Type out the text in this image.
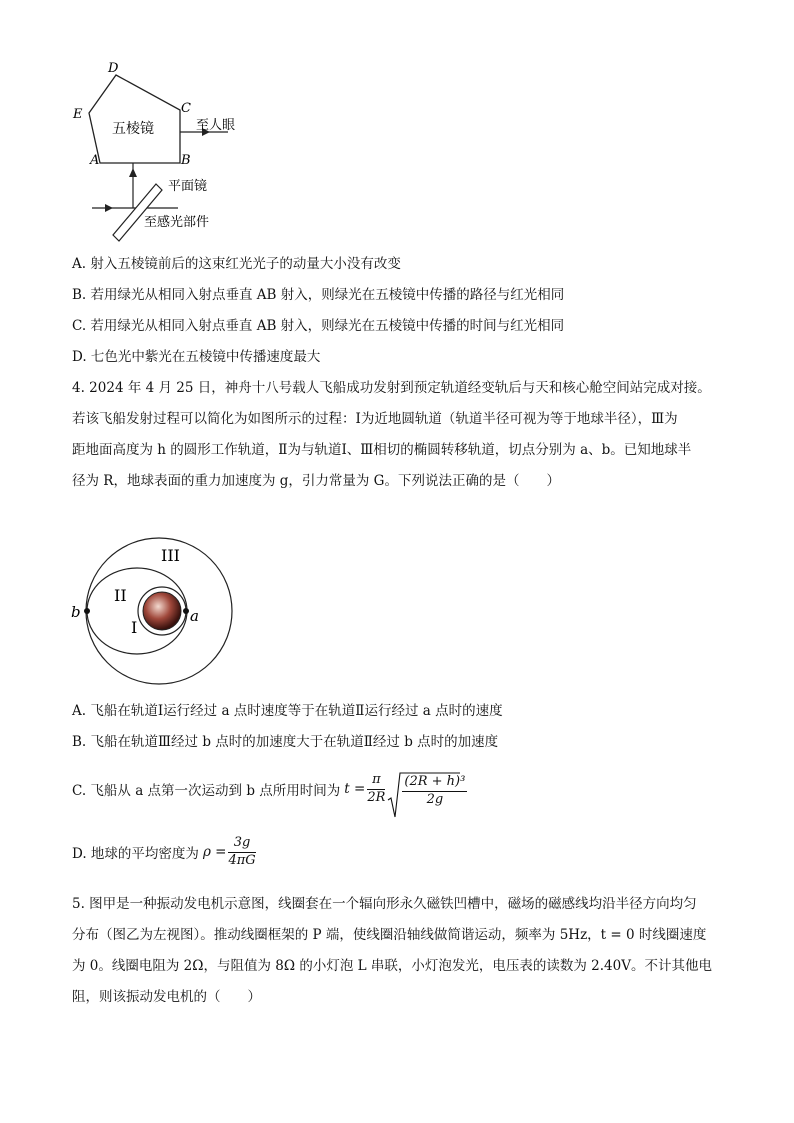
D
E	C
A	B
五棱镜	至人眼
平面镜
至感光部件
A. 射入五棱镜前后的这束红光光子的动量大小没有改变
B. 若用绿光从相同入射点垂直 AB 射入，则绿光在五棱镜中传播的路径与红光相同
C. 若用绿光从相同入射点垂直 AB 射入，则绿光在五棱镜中传播的时间与红光相同
D. 七色光中紫光在五棱镜中传播速度最大
4. 2024 年 4 月 25 日，神舟十八号载人飞船成功发射到预定轨道经变轨后与天和核心舱空间站完成对接。
若该飞船发射过程可以简化为如图所示的过程：Ⅰ为近地圆轨道（轨道半径可视为等于地球半径），Ⅲ为
距地面高度为 h 的圆形工作轨道，Ⅱ为与轨道Ⅰ、Ⅲ相切的椭圆转移轨道，切点分别为 a、b。已知地球半
径为 R，地球表面的重力加速度为 g，引力常量为 G。下列说法正确的是（　　）
III
II
I
a
b
A. 飞船在轨道Ⅰ运行经过 a 点时速度等于在轨道Ⅱ运行经过 a 点时的速度
B. 飞船在轨道Ⅲ经过 b 点时的加速度大于在轨道Ⅱ经过 b 点时的加速度
C. 飞船从 a 点第一次运动到 b 点所用时间为 $t = \frac{\pi}{2R} \frac{\text{(2R + h)³}}{2g}$
D. 地球的平均密度为 $\rho = \frac{3g}{4\pi G}$
5. 图甲是一种振动发电机示意图，线圈套在一个辐向形永久磁铁凹槽中，磁场的磁感线均沿半径方向均匀
分布（图乙为左视图）。推动线圈框架的 P 端，使线圈沿轴线做简谐运动，频率为 5Hz，t = 0 时线圈速度
为 0。线圈电阻为 2Ω，与阻值为 8Ω 的小灯泡 L 串联，小灯泡发光，电压表的读数为 2.40V。不计其他电
阻，则该振动发电机的（　　）
